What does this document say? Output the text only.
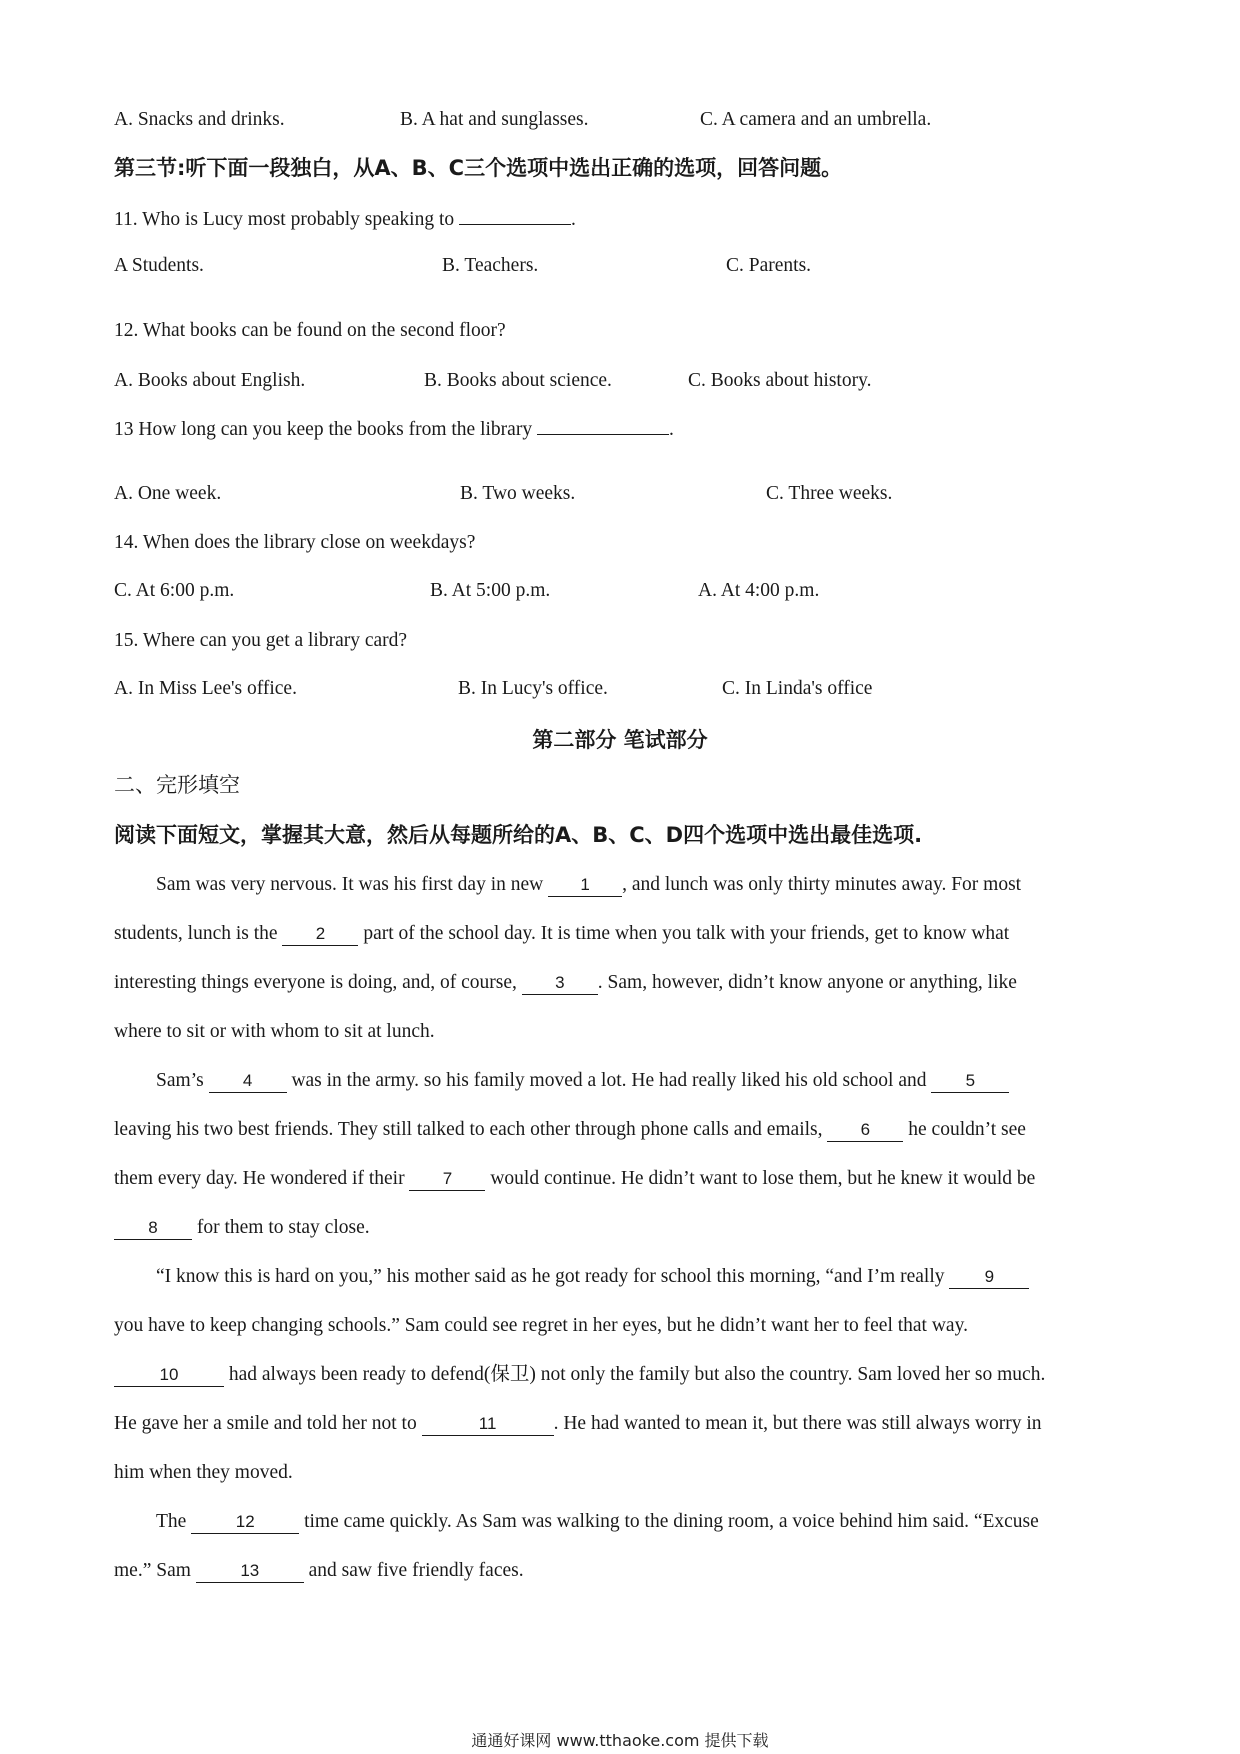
A. Snacks and drinks.	B. A hat and sunglasses.	C. A camera and an umbrella.
第三节:听下面一段独白，从A、B、C三个选项中选出正确的选项，回答问题。
11. Who is Lucy most probably speaking to	.
A Students.	B. Teachers.	C. Parents.
12. What books can be found on the second floor?
A. Books about English.	B. Books about science.	C. Books about history.
13 How long can you keep the books from the library	.
A. One week.	B. Two weeks.	C. Three weeks.
14. When does the library close on weekdays?
C. At 6:00 p.m.	B. At 5:00 p.m.	A. At 4:00 p.m.
15. Where can you get a library card?
A. In Miss Lee's office.	B. In Lucy's office.	C. In Linda's office
第二部分 笔试部分
二、完形填空
阅读下面短文，掌握其大意，然后从每题所给的A、B、C、D四个选项中选出最佳选项.
Sam was very nervous. It was his first day in new 1 , and lunch was only thirty minutes away. For most
students, lunch is the 2 part of the school day. It is time when you talk with your friends, get to know what
interesting things everyone is doing, and, of course, 3 . Sam, however, didn’t know anyone or anything, like
where to sit or with whom to sit at lunch.
Sam’s 4 was in the army. so his family moved a lot. He had really liked his old school and 5
leaving his two best friends. They still talked to each other through phone calls and emails, 6 he couldn’t see
them every day. He wondered if their 7 would continue. He didn’t want to lose them, but he knew it would be
8 for them to stay close.
“I know this is hard on you,” his mother said as he got ready for school this morning, “and I’m really 9
you have to keep changing schools.” Sam could see regret in her eyes, but he didn’t want her to feel that way.
10 had always been ready to defend(保卫) not only the family but also the country. Sam loved her so much.
He gave her a smile and told her not to	11	. He had wanted to mean it, but there was still always worry in
him when they moved.
The	12 time came quickly. As Sam was walking to the dining room, a voice behind him said. “Excuse
me.” Sam	13 and saw five friendly faces.
通通好课网 www.tthaoke.com 提供下载
